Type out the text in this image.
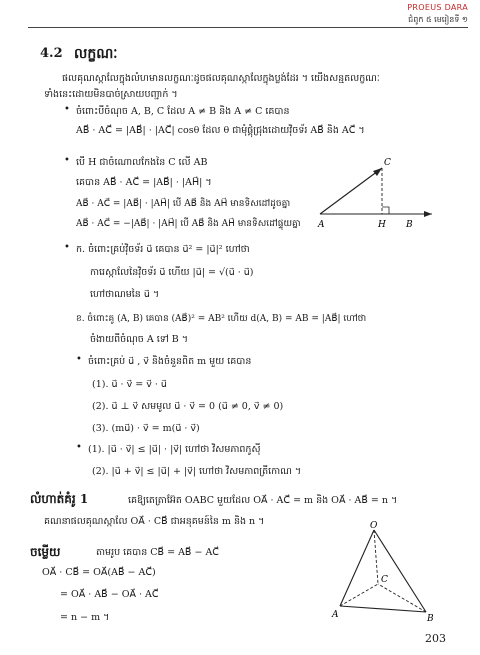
PROEUS DARA
ជំពូក ៥ មេរៀនទី ១
4.2 លក្ខណៈ
ផលគុណស្កាលែក្នុងលំហមានលក្ខណៈដូចផលគុណស្កាលែក្នុងប្លង់ដែរ ។ យើងសន្មតលក្ខណៈ
ទាំងនេះដោយមិនបាច់ស្រាយបញ្ជាក់ ។
• ចំពោះបីចំណុច A, B, C ដែល A ≠ B និង A ≠ C គេបាន
AB⃗ · AC⃗ = |AB⃗| · |AC⃗| cosθ ដែល θ ជាមុំផ្គុំជ្រុងដោយវ៉ិចទ័រ AB⃗ និង AC⃗ ។
• បើ H ជាចំណោលកែងនៃ C លើ AB
គេបាន AB⃗ · AC⃗ = |AB⃗| · |AH⃗| ។
AB⃗ · AC⃗ = |AB⃗| · |AH⃗| បើ AB⃗ និង AH⃗ មានទិសដៅដូចគ្នា
AB⃗ · AC⃗ = −|AB⃗| · |AH⃗| បើ AB⃗ និង AH⃗ មានទិសដៅផ្ទុយគ្នា A	H B
C
• ក. ចំពោះគ្រប់វ៉ិចទ័រ u⃗ គេបាន u⃗² = |u⃗|² ហៅថា
ការេស្កាលែនៃវ៉ិចទ័រ u⃗ ហើយ |u⃗| = √(u⃗ · u⃗)
ហៅថាណមនៃ u⃗ ។
ខ. ចំពោះគូ (A, B) គេបាន (AB⃗)² = AB² ហើយ d(A, B) = AB = |AB⃗| ហៅថា
ចំងាយពីចំណុច A ទៅ B ។
• ចំពោះគ្រប់ u⃗ , v⃗ និងចំនួនពិត m មួយ គេបាន
(1). u⃗ · v⃗ = v⃗ · u⃗
(2). u⃗ ⊥ v⃗ សមមូល u⃗ · v⃗ = 0 (u⃗ ≠ 0, v⃗ ≠ 0)
(3). (mu⃗) · v⃗ = m(u⃗ · v⃗)
• (1). |u⃗ · v⃗| ≤ |u⃗| · |v⃗| ហៅថា វិសមភាពកូស៊ី
(2). |u⃗ + v⃗| ≤ |u⃗| + |v⃗| ហៅថា វិសមភាពត្រីកោណ ។
លំហាត់គំរូ 1	គេឱ្យតេត្រាអ៊ែត OABC មួយដែល OA⃗ · AC⃗ = m និង OA⃗ · AB⃗ = n ។
គណនាផលគុណស្កាលែ OA⃗ · CB⃗ ជាអនុគមន៍នៃ m និង n ។
ចម្លើយ	តាមរូប គេបាន CB⃗ = AB⃗ − AC⃗
OA⃗ · CB⃗ = OA⃗(AB⃗ − AC⃗)
= OA⃗ · AB⃗ − OA⃗ · AC⃗
= n − m ។
O
A	B
C
203
